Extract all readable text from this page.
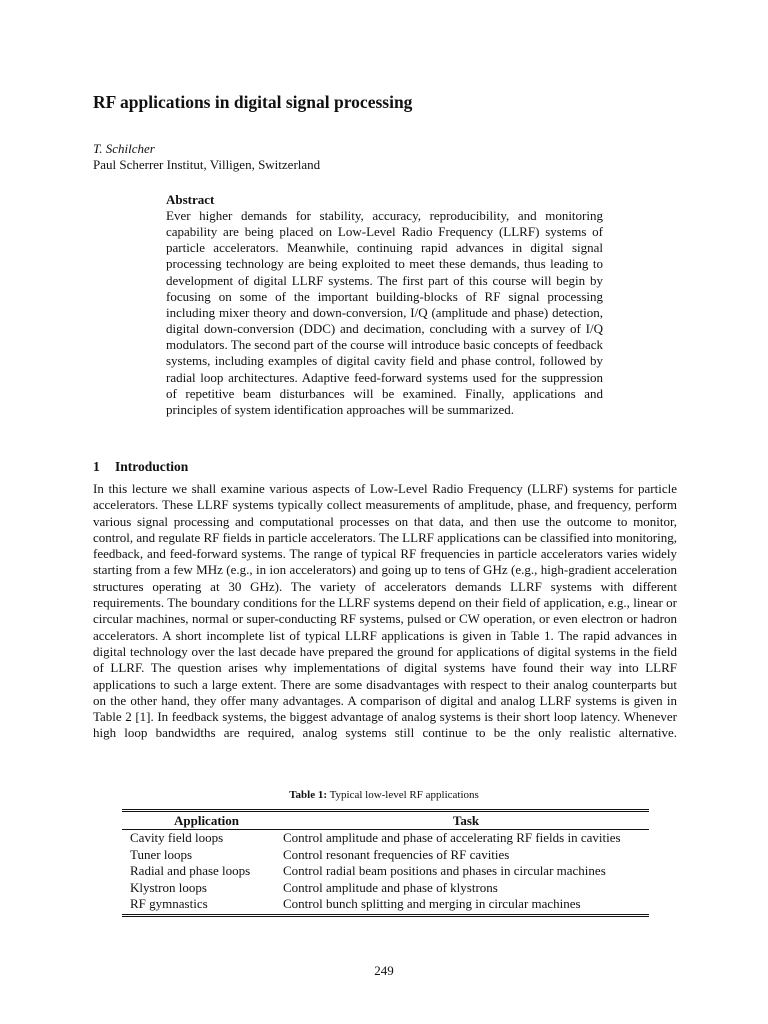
RF applications in digital signal processing
T. Schilcher
Paul Scherrer Institut, Villigen, Switzerland
Abstract
Ever higher demands for stability, accuracy, reproducibility, and monitoring capability are being placed on Low-Level Radio Frequency (LLRF) systems of particle accelerators. Meanwhile, continuing rapid advances in digital signal processing technology are being exploited to meet these demands, thus leading to development of digital LLRF systems. The first part of this course will begin by focusing on some of the important building-blocks of RF signal processing including mixer theory and down-conversion, I/Q (amplitude and phase) detection, digital down-conversion (DDC) and decimation, concluding with a survey of I/Q modulators. The second part of the course will introduce basic concepts of feedback systems, including examples of digital cavity field and phase control, followed by radial loop architectures. Adaptive feed-forward systems used for the suppression of repetitive beam disturbances will be examined. Finally, applications and principles of system identification approaches will be summarized.
1 Introduction

In this lecture we shall examine various aspects of Low-Level Radio Frequency (LLRF) systems for particle accelerators. These LLRF systems typically collect measurements of amplitude, phase, and frequency, perform various signal processing and computational processes on that data, and then use the outcome to monitor, control, and regulate RF fields in particle accelerators. The LLRF applications can be classified into monitoring, feedback, and feed-forward systems. The range of typical RF frequencies in particle accelerators varies widely starting from a few MHz (e.g., in ion accelerators) and going up to tens of GHz (e.g., high-gradient acceleration structures operating at 30 GHz). The variety of accelerators demands LLRF systems with different requirements. The boundary conditions for the LLRF systems depend on their field of application, e.g., linear or circular machines, normal or super-conducting RF systems, pulsed or CW operation, or even electron or hadron accelerators. A short incomplete list of typical LLRF applications is given in Table 1. The rapid advances in digital technology over the last decade have prepared the ground for applications of digital systems in the field of LLRF. The question arises why implementations of digital systems have found their way into LLRF applications to such a large extent. There are some disadvantages with respect to their analog counterparts but on the other hand, they offer many advantages. A comparison of digital and analog LLRF systems is given in Table 2 [1]. In feedback systems, the biggest advantage of analog systems is their short loop latency. Whenever high loop bandwidths are required, analog systems still continue to be the only realistic alternative.

Table 1: Typical low-level RF applications
Application	Task
Cavity field loops	Control amplitude and phase of accelerating RF fields in cavities
Tuner loops	Control resonant frequencies of RF cavities
Radial and phase loops	Control radial beam positions and phases in circular machines
Klystron loops	Control amplitude and phase of klystrons
RF gymnastics	Control bunch splitting and merging in circular machines
249
